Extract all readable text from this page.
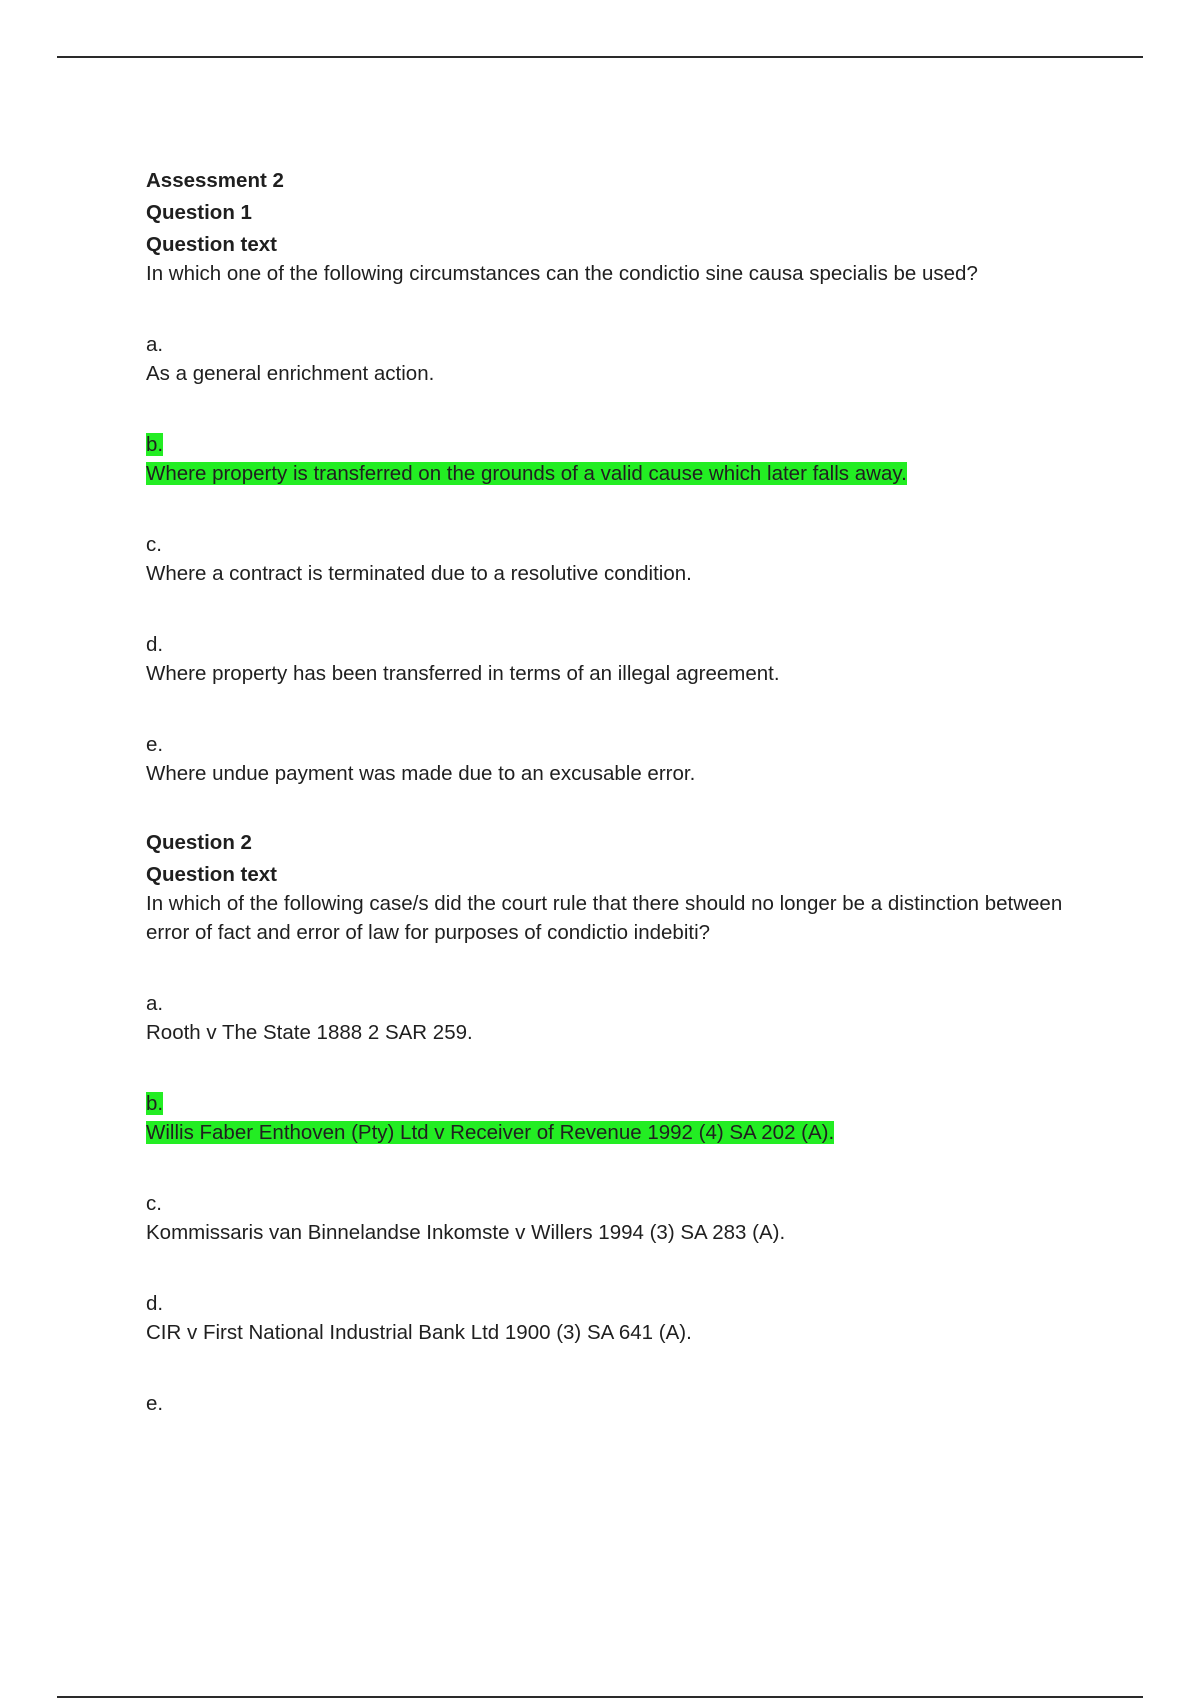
Assessment 2
Question 1
Question text
In which one of the following circumstances can the condictio sine causa specialis be used?
a.
As a general enrichment action.
b.
Where property is transferred on the grounds of a valid cause which later falls away.
c.
Where a contract is terminated due to a resolutive condition.
d.
Where property has been transferred in terms of an illegal agreement.
e.
Where undue payment was made due to an excusable error.
Question 2
Question text
In which of the following case/s did the court rule that there should no longer be a distinction between error of fact and error of law for purposes of condictio indebiti?
a.
Rooth v The State 1888 2 SAR 259.
b.
Willis Faber Enthoven (Pty) Ltd v Receiver of Revenue 1992 (4) SA 202 (A).
c.
Kommissaris van Binnelandse Inkomste v Willers 1994 (3) SA 283 (A).
d.
CIR v First National Industrial Bank Ltd 1900 (3) SA 641 (A).
e.
